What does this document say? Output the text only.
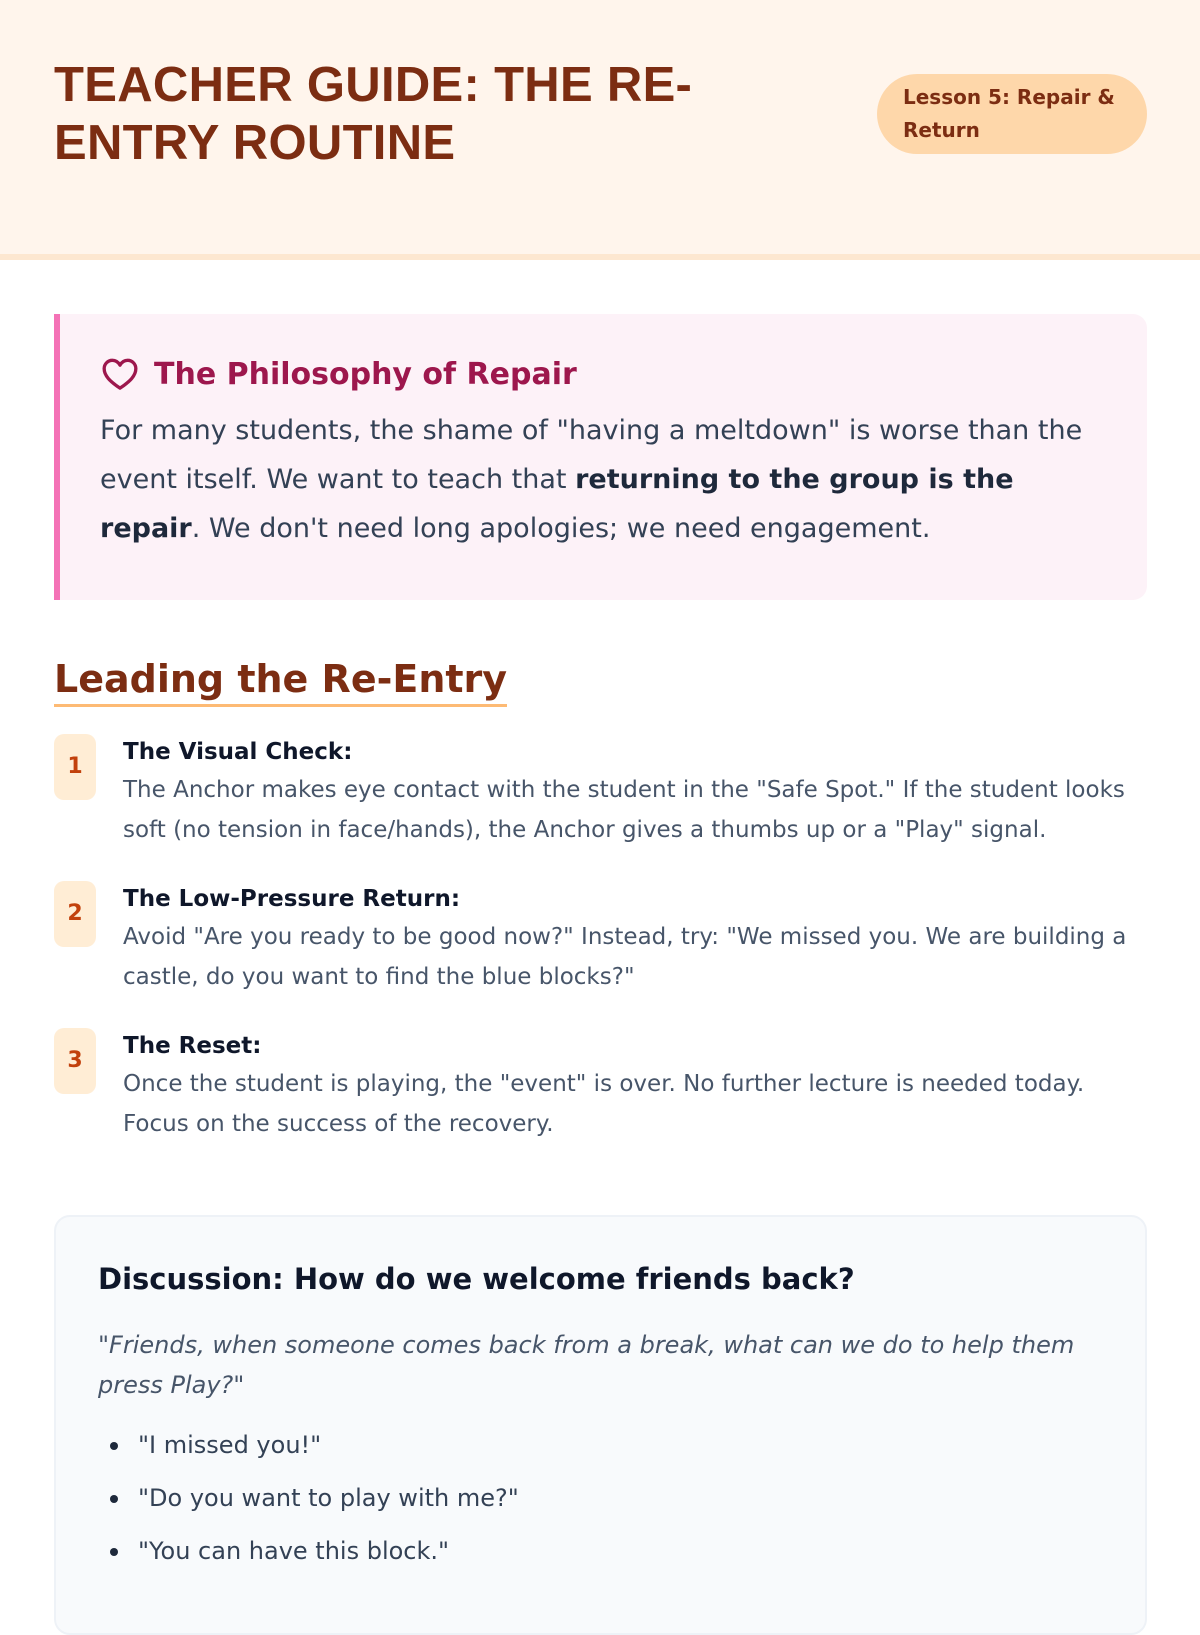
TEACHER GUIDE: THE RE-ENTRY ROUTINE
Lesson 5: Repair & Return
The Philosophy of Repair

For many students, the shame of "having a meltdown" is worse than the event itself. We want to teach that returning to the group is the repair. We don't need long apologies; we need engagement.

Leading the Re-Entry
1
The Visual Check:
The Anchor makes eye contact with the student in the "Safe Spot." If the student looks soft (no tension in face/hands), the Anchor gives a thumbs up or a "Play" signal.
2
The Low-Pressure Return:
Avoid "Are you ready to be good now?" Instead, try: "We missed you. We are building a castle, do you want to find the blue blocks?"
3
The Reset:
Once the student is playing, the "event" is over. No further lecture is needed today. Focus on the success of the recovery.
Discussion: How do we welcome friends back?

"Friends, when someone comes back from a break, what can we do to help them press Play?"

"I missed you!"
"Do you want to play with me?"
"You can have this block."
